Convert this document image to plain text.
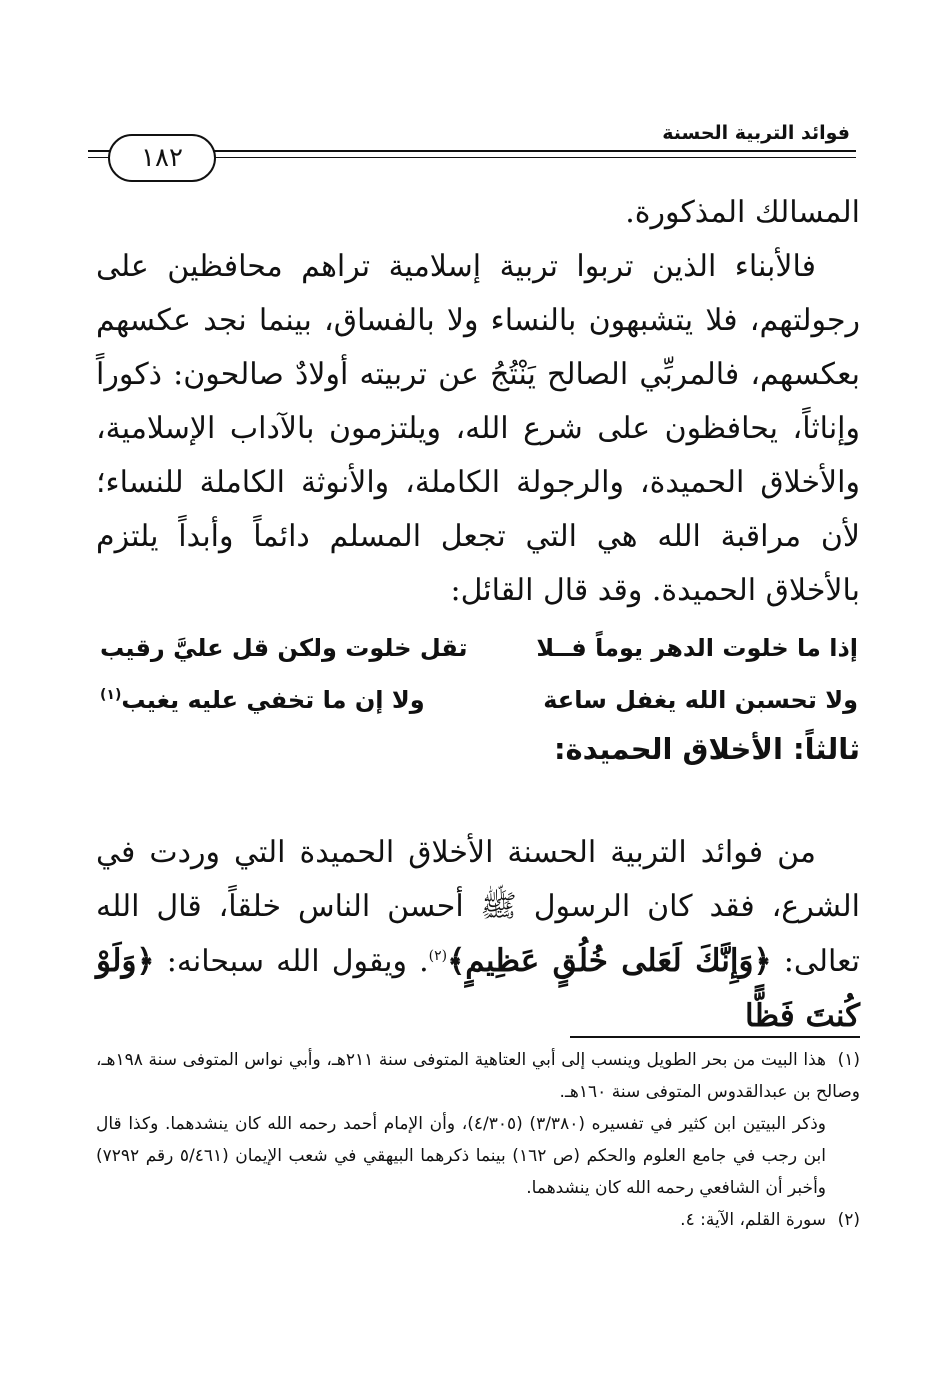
فوائد التربية الحسنة
١٨٢

المسالك المذكورة.

فالأبناء الذين تربوا تربية إسلامية تراهم محافظين على رجولتهم، فلا يتشبهون بالنساء ولا بالفساق، بينما نجد عكسهم بعكسهم، فالمربِّي الصالح يَنْتُجُ عن تربيته أولادٌ صالحون: ذكوراً وإناثاً، يحافظون على شرع الله، ويلتزمون بالآداب الإسلامية، والأخلاق الحميدة، والرجولة الكاملة، والأنوثة الكاملة للنساء؛ لأن مراقبة الله هي التي تجعل المسلم دائماً وأبداً يلتزم بالأخلاق الحميدة. وقد قال القائل:

إذا ما خلوت الدهر يوماً فــلا
تقل خلوت ولكن قل عليَّ رقيب
ولا تحسبن الله يغفل ساعة
ولا إن ما تخفي عليه يغيب$^{(١)}$
ثالثاً: الأخلاق الحميدة:

من فوائد التربية الحسنة الأخلاق الحميدة التي وردت في الشرع، فقد كان الرسول ﷺ أحسن الناس خلقاً، قال الله تعالى: ﴿وَإِنَّكَ لَعَلى خُلُقٍ عَظِيمٍ﴾$^{(٢)}$. ويقول الله سبحانه: ﴿وَلَوْ كُنتَ فَظًّا

(١)هذا البيت من بحر الطويل وينسب إلى أبي العتاهية المتوفى سنة ٢١١هـ، وأبي نواس المتوفى سنة ١٩٨هـ، وصالح بن عبدالقدوس المتوفى سنة ١٦٠هـ.

وذكر البيتين ابن كثير في تفسيره (٣/٣٨٠) (٤/٣٠٥)، وأن الإمام أحمد رحمه الله كان ينشدهما. وكذا قال ابن رجب في جامع العلوم والحكم (ص ١٦٢) بينما ذكرهما البيهقي في شعب الإيمان (٥/٤٦١ رقم ٧٢٩٢) وأخبر أن الشافعي رحمه الله كان ينشدهما.

(٢)سورة القلم، الآية: ٤.
